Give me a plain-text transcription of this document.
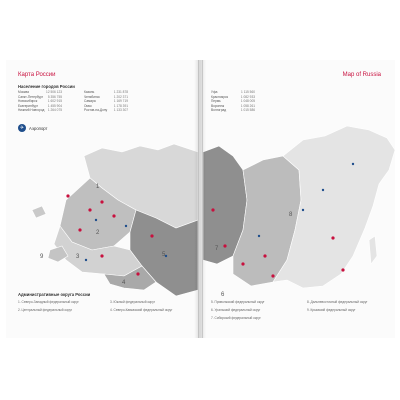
Карта России
Население городов России
Москва	12 506 123
Санкт-Петербург 5 356 755
Новосибирск	1 602 915
Екатеринбург	1 455 904
Нижний Новгород 1 264 075
Казань	1 231 878
Челябинск	1 202 371
Самара	1 169 719
Омск	1 178 391
Ростов-на-Дону 1 133 307
✈	Аэропорт
1
2
3
4
5
9
Административные округа России
1. Северо-Западный федеральный округ
2. Центральный федеральный округ
3. Южный федеральный округ
4. Северо-Кавказский федеральный округ
Map of Russia
Уфа	1 115 560
Красноярск	1 082 933
Пермь	1 048 005
Воронеж	1 058 261
Волгоград	1 015 586
6
7
8
5. Приволжский федеральный округ
6. Уральский федеральный округ
7. Сибирский федеральный округ
8. Дальневосточный федеральный округ
9. Крымский федеральный округ
